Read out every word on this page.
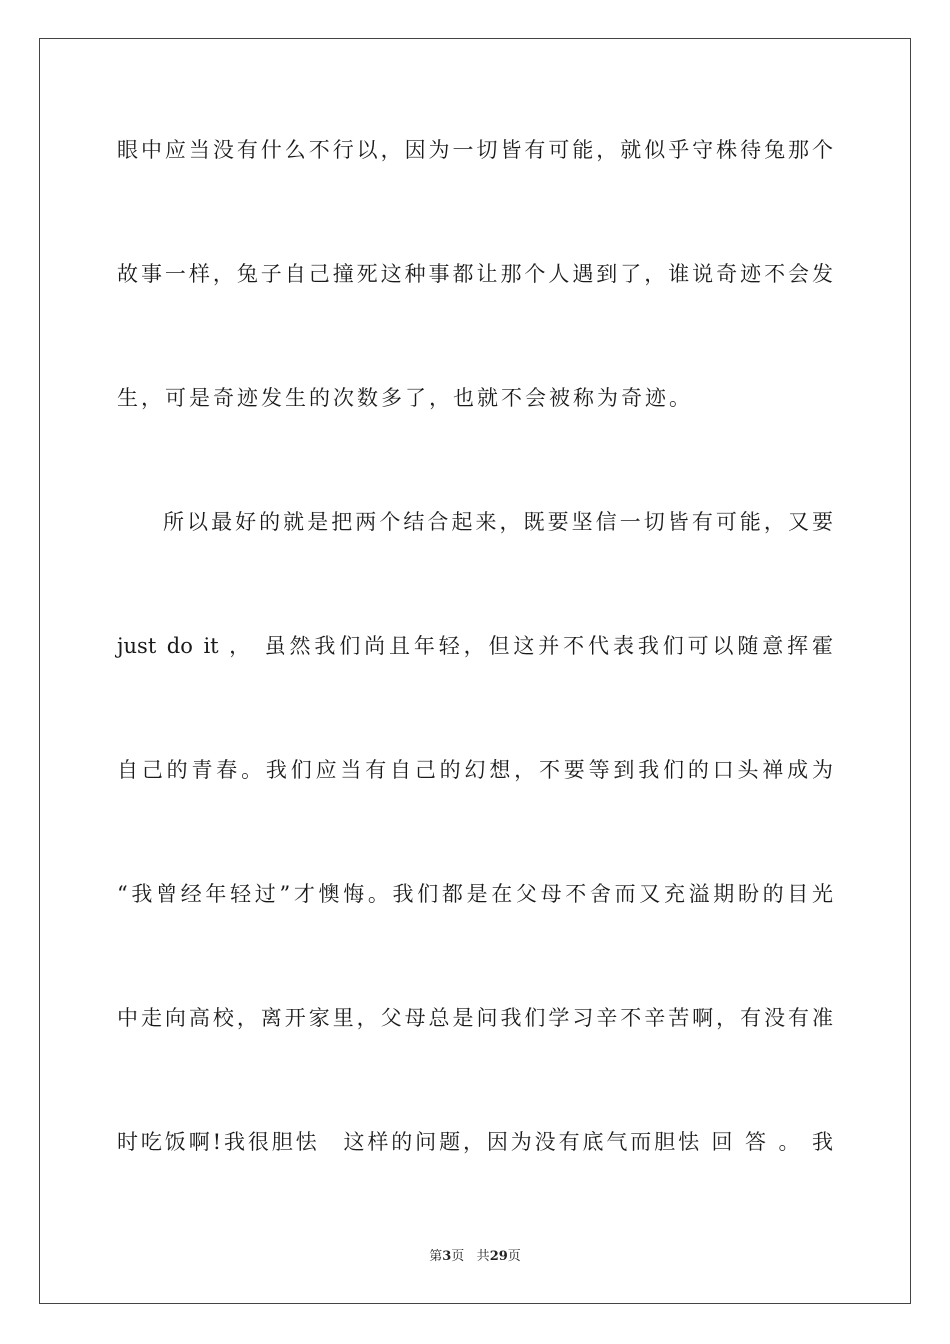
眼中应当没有什么不行以，因为一切皆有可能，就似乎守株待兔那个
故事一样，兔子自己撞死这种事都让那个人遇到了，谁说奇迹不会发
生，可是奇迹发生的次数多了，也就不会被称为奇迹。
所以最好的就是把两个结合起来，既要坚信一切皆有可能，又要
just do it ， 虽然我们尚且年轻，但这并不代表我们可以随意挥霍
自己的青春。我们应当有自己的幻想，不要等到我们的口头禅成为
“我曾经年轻过”才懊悔。我们都是在父母不舍而又充溢期盼的目光
中走向高校，离开家里，父母总是问我们学习辛不辛苦啊，有没有准
时吃饭啊!我很胆怯　这样的问题，因为没有底气而胆怯 回 答 。 我
第3页 共29页
